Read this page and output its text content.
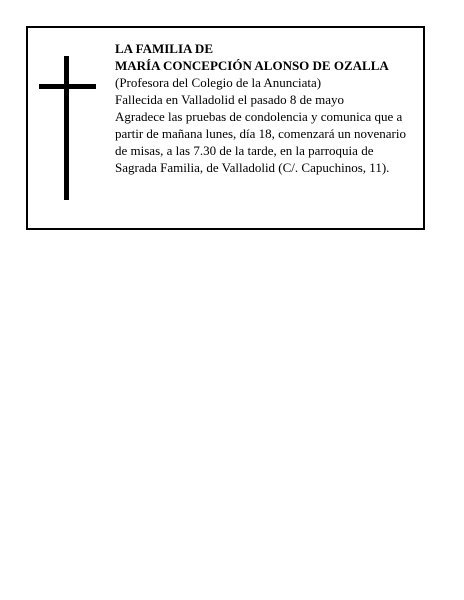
LA FAMILIA DE
MARÍA CONCEPCIÓN ALONSO DE OZALLA
(Profesora del Colegio de la Anunciata)
Fallecida en Valladolid el pasado 8 de mayo
Agradece las pruebas de condolencia y comunica que a
partir de mañana lunes, día 18, comenzará un novenario
de misas, a las 7.30 de la tarde, en la parroquia de
Sagrada Familia, de Valladolid (C/. Capuchinos, 11).
